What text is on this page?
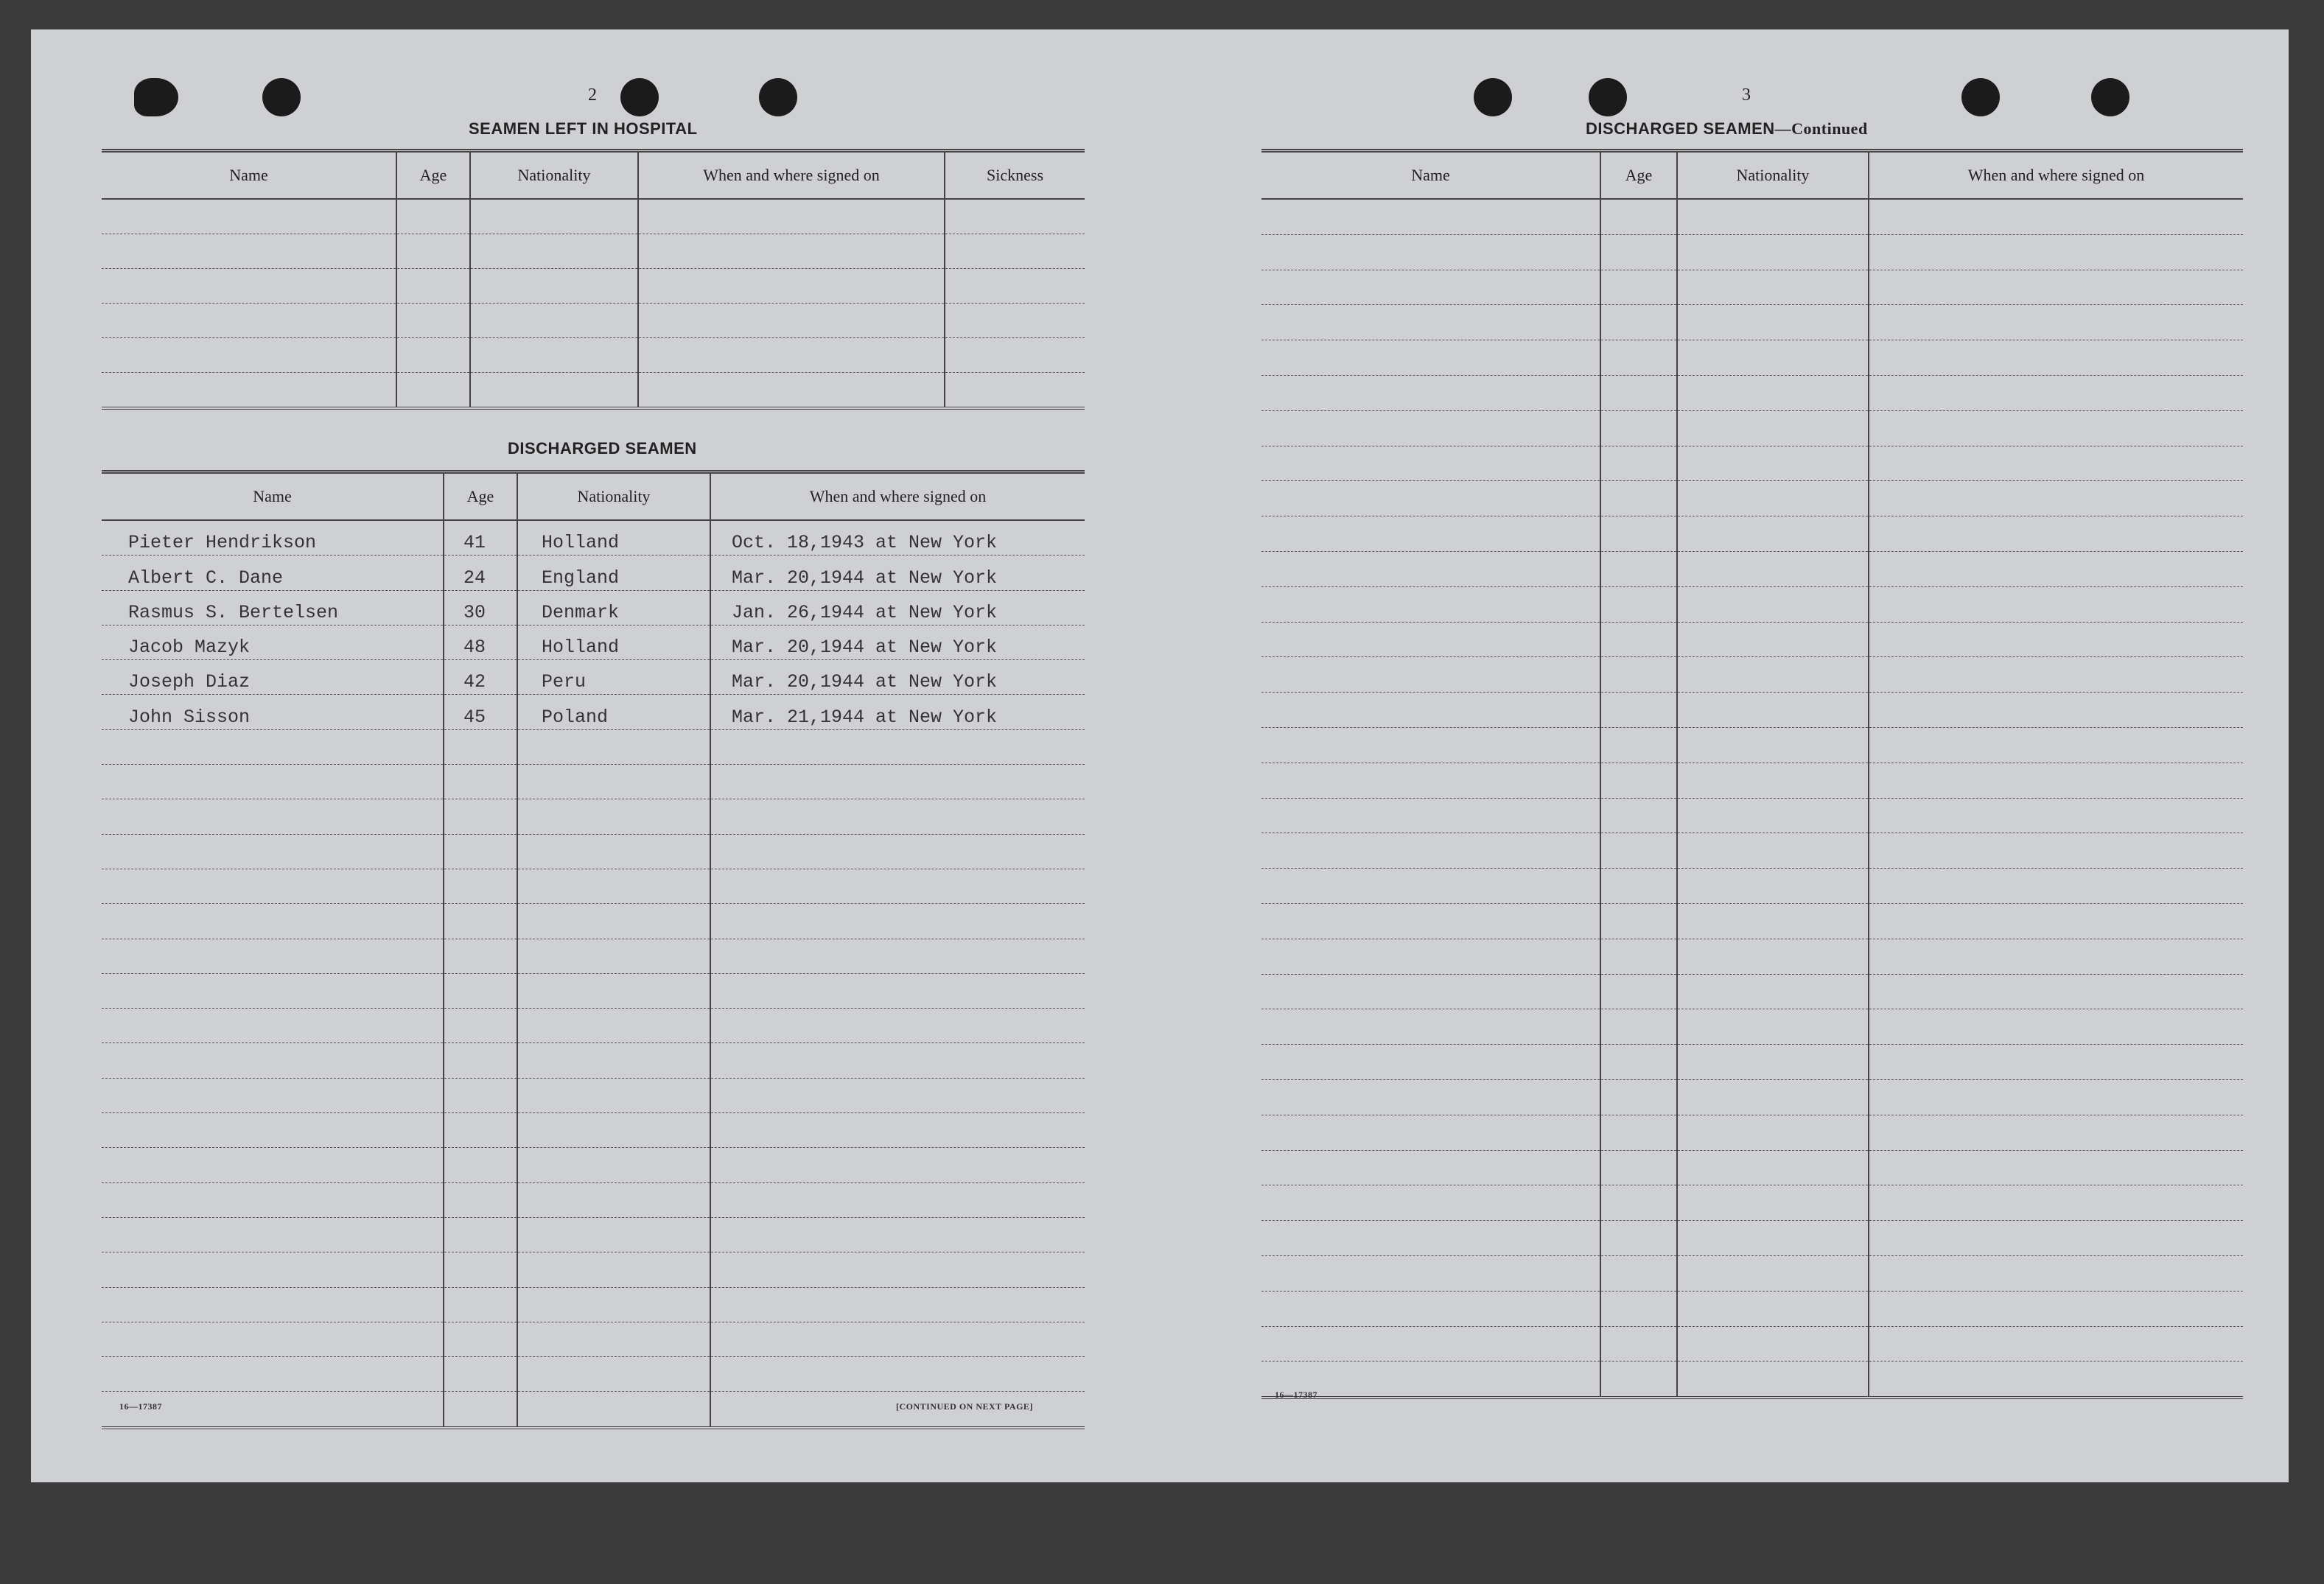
2
SEAMEN LEFT IN HOSPITAL
Name	Age	Nationality	When and where signed on	Sickness

DISCHARGED SEAMEN
Name	Age	Nationality	When and where signed on
Pieter Hendrikson	41	Holland	Oct. 18,1943 at New York
Albert C. Dane	24	England	Mar. 20,1944 at New York
Rasmus S. Bertelsen	30	Denmark	Jan. 26,1944 at New York
Jacob Mazyk	48	Holland	Mar. 20,1944 at New York
Joseph Diaz	42	Peru	Mar. 20,1944 at New York
John Sisson	45	Poland	Mar. 21,1944 at New York

16—17387	[CONTINUED ON NEXT PAGE]
3
DISCHARGED SEAMEN—Continued
Name	Age	Nationality	When and where signed on

16—17387
